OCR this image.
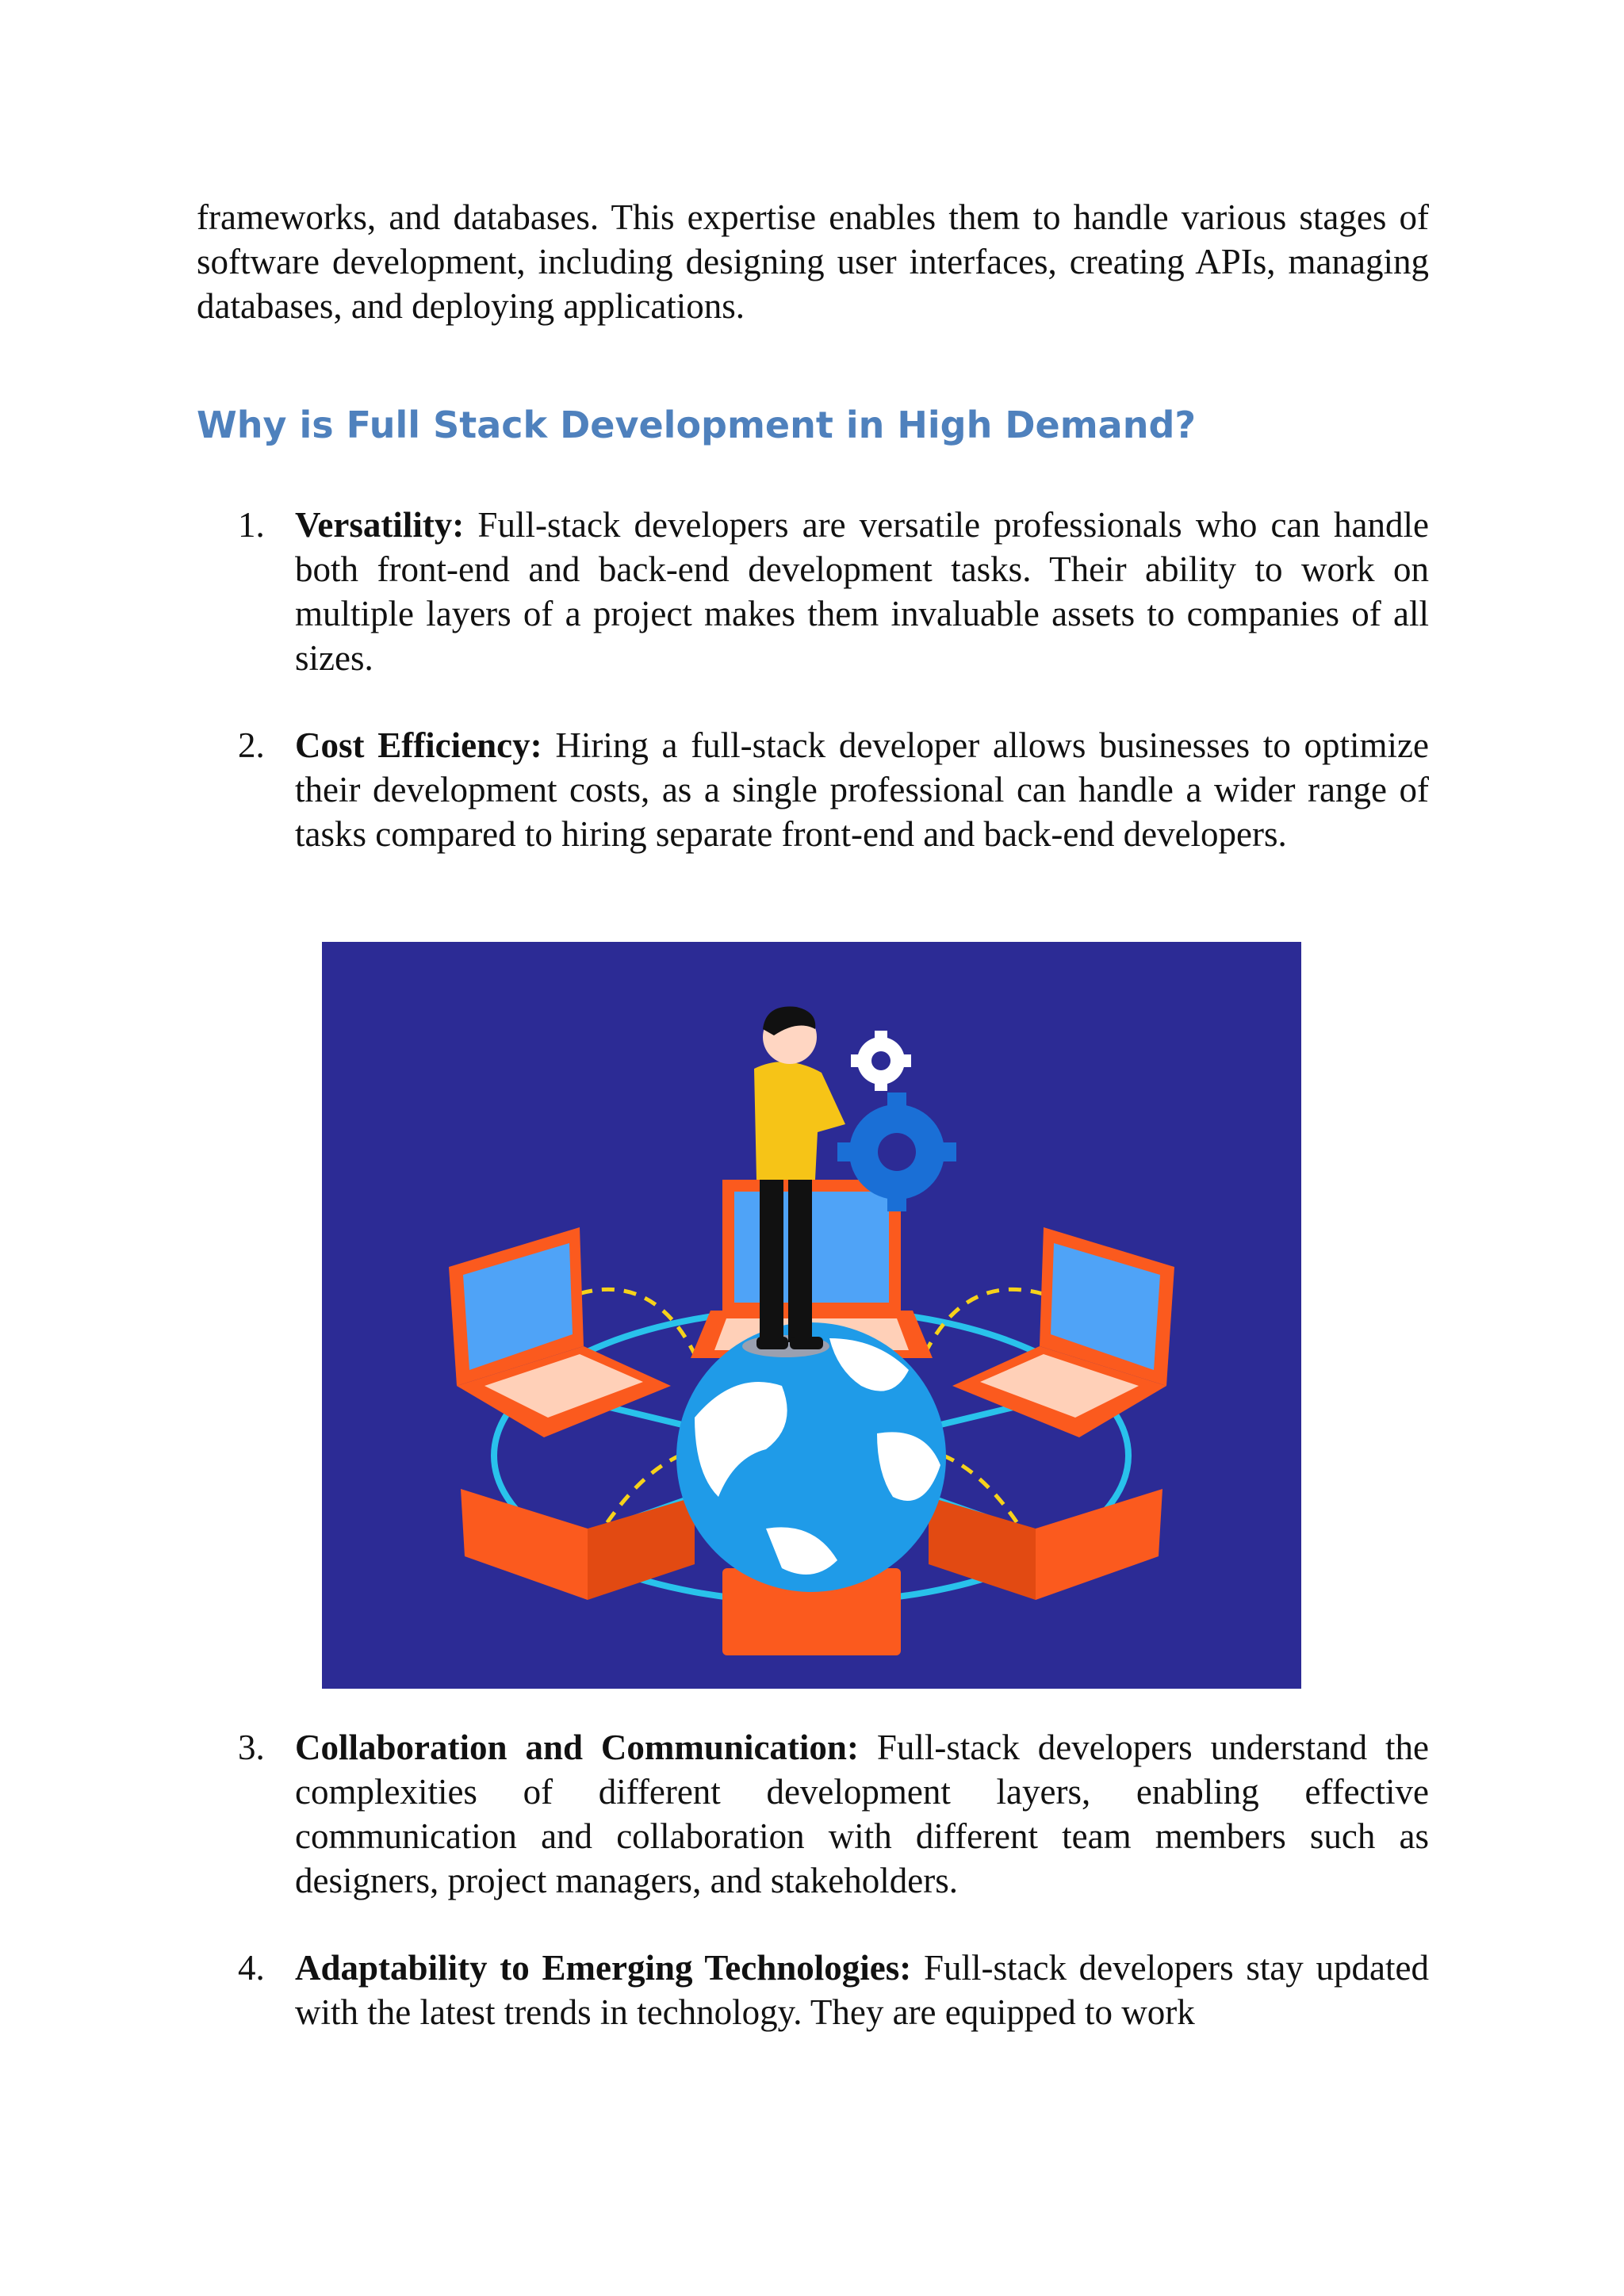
frameworks, and databases. This expertise enables them to handle various stages of software development, including designing user interfaces, creating APIs, managing databases, and deploying applications.

Why is Full Stack Development in High Demand?
1. Versatility: Full-stack developers are versatile professionals who can handle both front-end and back-end development tasks. Their ability to work on multiple layers of a project makes them invaluable assets to companies of all sizes.

2. Cost Efficiency: Hiring a full-stack developer allows businesses to optimize their development costs, as a single professional can handle a wider range of tasks compared to hiring separate front-end and back-end developers.

3. Collaboration and Communication: Full-stack developers understand the complexities of different development layers, enabling effective communication and collaboration with different team members such as designers, project managers, and stakeholders.

4. Adaptability to Emerging Technologies: Full-stack developers stay updated with the latest trends in technology. They are equipped to work
